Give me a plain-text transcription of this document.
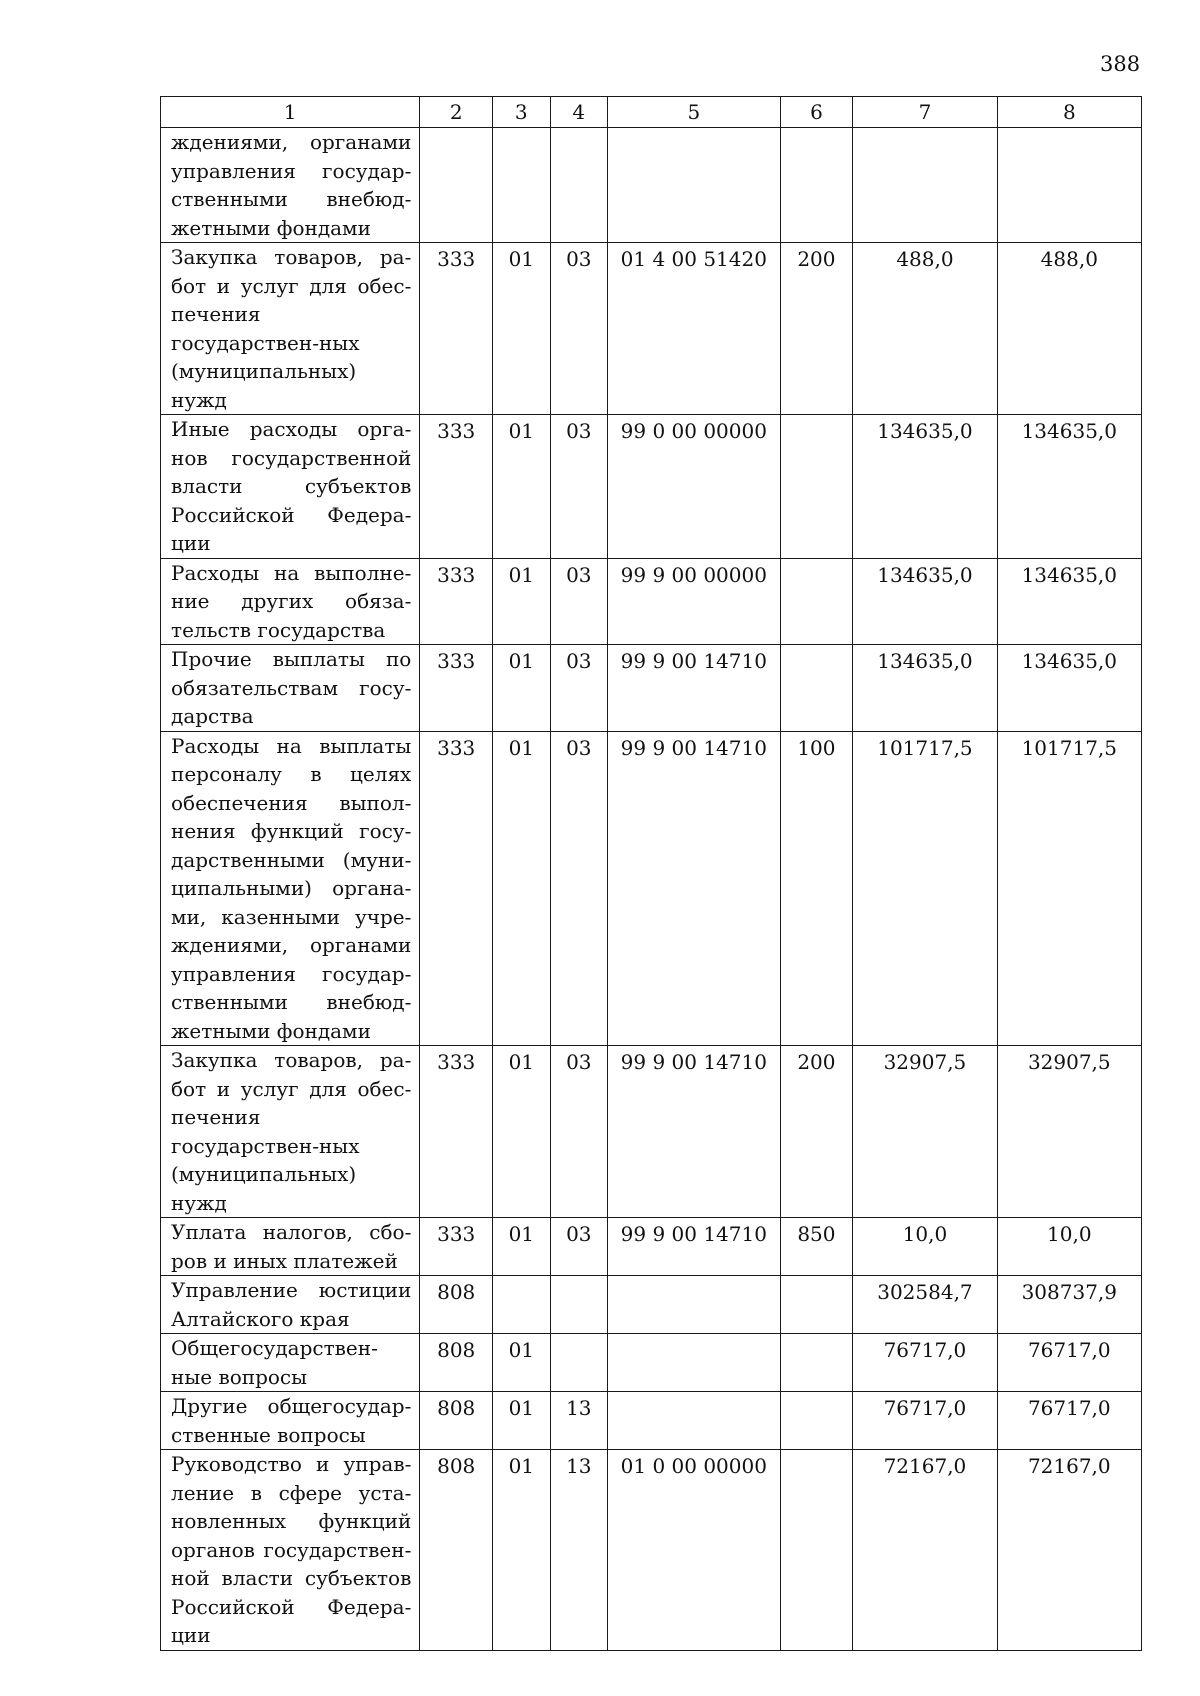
388
1	2	3	4	5	6	7	8
ждениями, органами управления государ-ственными внебюд-жетными фондами							
Закупка товаров, ра-бот и услуг для обес-печения государствен-ных (муниципальных) нужд	333	01	03	01 4 00 51420	200	488,0	488,0
Иные расходы орга-нов государственной власти субъектов Российской Федера-ции	333	01	03	99 0 00 00000		134635,0	134635,0
Расходы на выполне-ние других обяза-тельств государства	333	01	03	99 9 00 00000		134635,0	134635,0
Прочие выплаты по обязательствам госу-дарства	333	01	03	99 9 00 14710		134635,0	134635,0
Расходы на выплаты персоналу в целях обеспечения выпол-нения функций госу-дарственными (муни-ципальными) органа-ми, казенными учре-ждениями, органами управления государ-ственными внебюд-жетными фондами	333	01	03	99 9 00 14710	100	101717,5	101717,5
Закупка товаров, ра-бот и услуг для обес-печения государствен-ных (муниципальных) нужд	333	01	03	99 9 00 14710	200	32907,5	32907,5
Уплата налогов, сбо-ров и иных платежей	333	01	03	99 9 00 14710	850	10,0	10,0
Управление юстиции Алтайского края	808					302584,7	308737,9
Общегосударствен-ные вопросы	808	01				76717,0	76717,0
Другие общегосудар-ственные вопросы	808	01	13			76717,0	76717,0
Руководство и управ-ление в сфере уста-новленных функций органов государствен-ной власти субъектов Российской Федера-ции	808	01	13	01 0 00 00000		72167,0	72167,0
